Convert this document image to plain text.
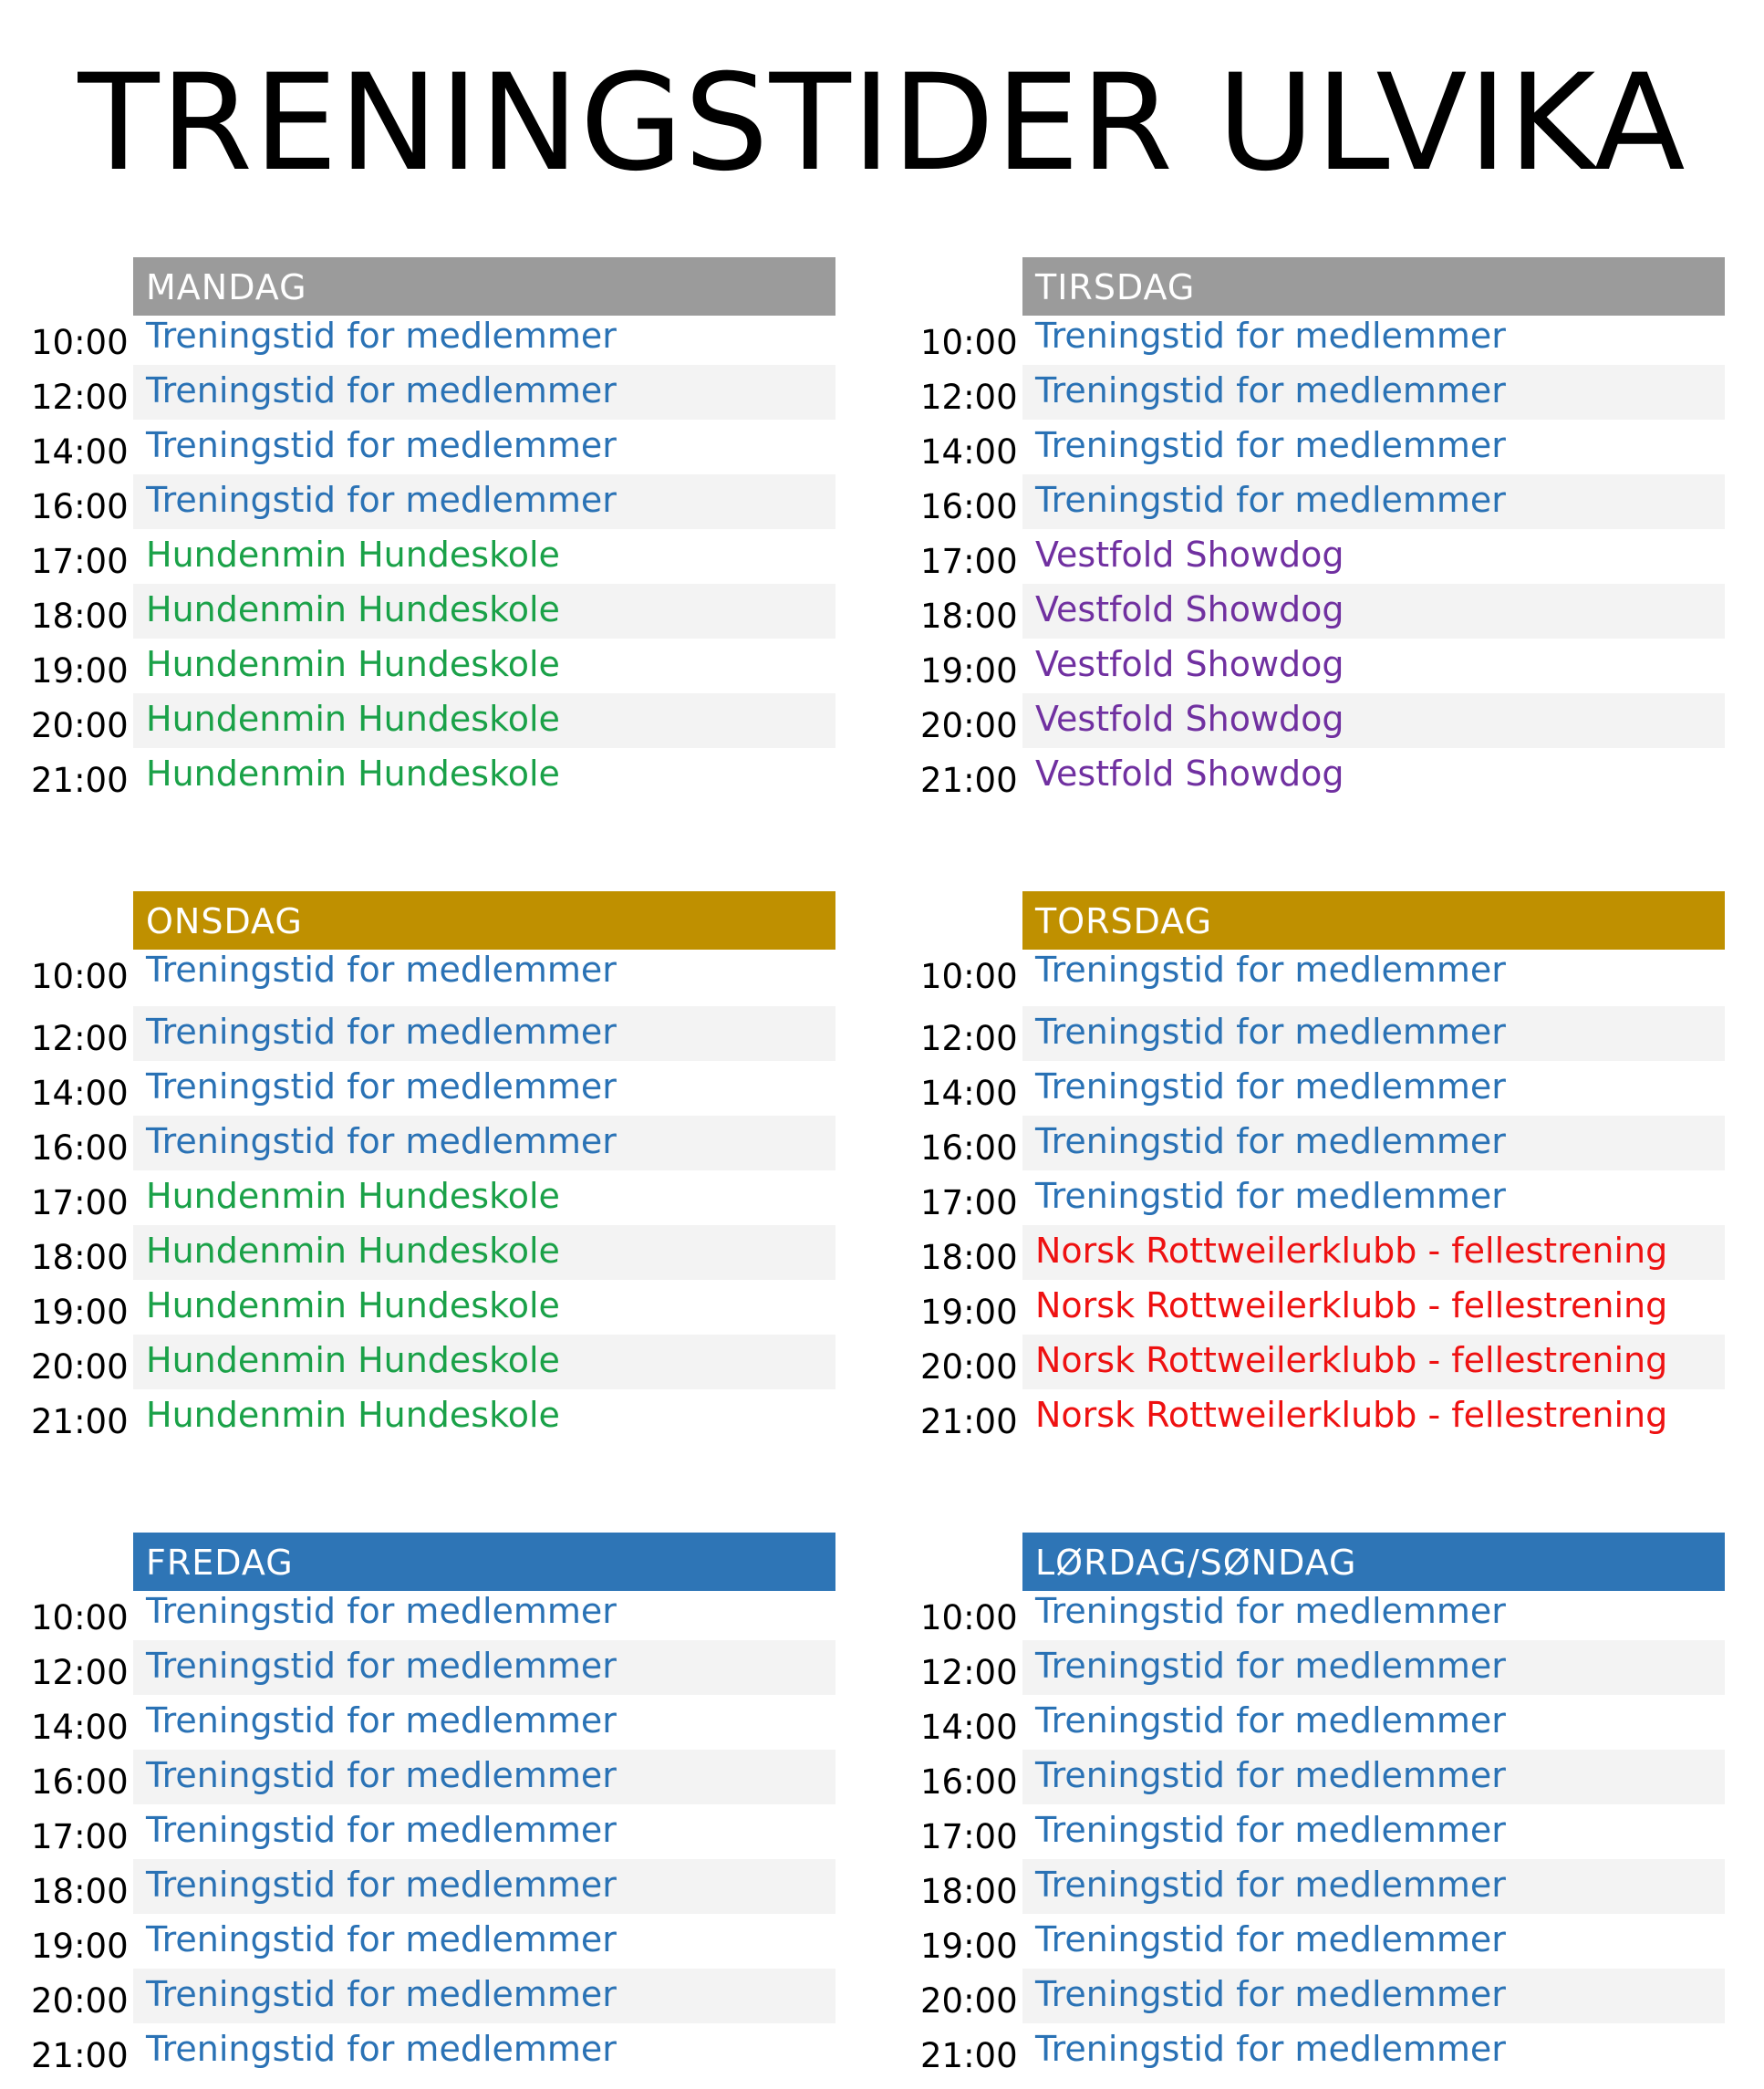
TRENINGSTIDER ULVIKA
MANDAG
10:00 Treningstid for medlemmer
12:00 Treningstid for medlemmer
14:00 Treningstid for medlemmer
16:00 Treningstid for medlemmer
17:00 Hundenmin Hundeskole
18:00 Hundenmin Hundeskole
19:00 Hundenmin Hundeskole
20:00 Hundenmin Hundeskole
21:00 Hundenmin Hundeskole
TIRSDAG
10:00 Treningstid for medlemmer
12:00 Treningstid for medlemmer
14:00 Treningstid for medlemmer
16:00 Treningstid for medlemmer
17:00 Vestfold Showdog
18:00 Vestfold Showdog
19:00 Vestfold Showdog
20:00 Vestfold Showdog
21:00 Vestfold Showdog
ONSDAG
10:00 Treningstid for medlemmer
12:00 Treningstid for medlemmer
14:00 Treningstid for medlemmer
16:00 Treningstid for medlemmer
17:00 Hundenmin Hundeskole
18:00 Hundenmin Hundeskole
19:00 Hundenmin Hundeskole
20:00 Hundenmin Hundeskole
21:00 Hundenmin Hundeskole
TORSDAG
10:00 Treningstid for medlemmer
12:00 Treningstid for medlemmer
14:00 Treningstid for medlemmer
16:00 Treningstid for medlemmer
17:00 Treningstid for medlemmer
18:00 Norsk Rottweilerklubb - fellestrening
19:00 Norsk Rottweilerklubb - fellestrening
20:00 Norsk Rottweilerklubb - fellestrening
21:00 Norsk Rottweilerklubb - fellestrening
FREDAG
10:00 Treningstid for medlemmer
12:00 Treningstid for medlemmer
14:00 Treningstid for medlemmer
16:00 Treningstid for medlemmer
17:00 Treningstid for medlemmer
18:00 Treningstid for medlemmer
19:00 Treningstid for medlemmer
20:00 Treningstid for medlemmer
21:00 Treningstid for medlemmer
LØRDAG/SØNDAG
10:00 Treningstid for medlemmer
12:00 Treningstid for medlemmer
14:00 Treningstid for medlemmer
16:00 Treningstid for medlemmer
17:00 Treningstid for medlemmer
18:00 Treningstid for medlemmer
19:00 Treningstid for medlemmer
20:00 Treningstid for medlemmer
21:00 Treningstid for medlemmer
